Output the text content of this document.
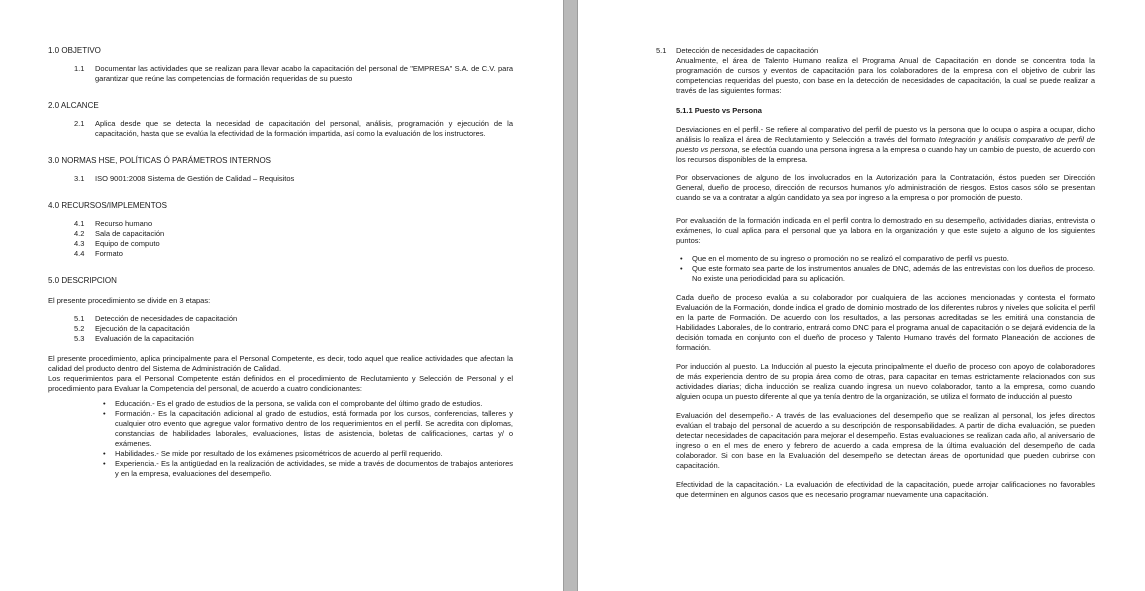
1.0 OBJETIVO

1.1	Documentar las actividades que se realizan para llevar acabo la capacitación del personal de "EMPRESA" S.A. de C.V. para garantizar que reúne las competencias de formación requeridas de su puesto

2.0 ALCANCE

2.1	Aplica desde que se detecta la necesidad de capacitación del personal, análisis, programación y ejecución de la capacitación, hasta que se evalúa la efectividad de la formación impartida, así como la evaluación de los instructores.

3.0 NORMAS HSE, POLÍTICAS Ó PARÁMETROS INTERNOS

3.1	ISO 9001:2008 Sistema de Gestión de Calidad – Requisitos

4.0 RECURSOS/IMPLEMENTOS

4.1	Recurso humano
4.2	Sala de capacitación
4.3	Equipo de computo
4.4	Formato

5.0 DESCRIPCION

El presente procedimiento se divide en 3 etapas:

5.1	Detección de necesidades de capacitación
5.2	Ejecución de la capacitación
5.3	Evaluación de la capacitación

El presente procedimiento, aplica principalmente para el Personal Competente, es decir, todo aquel que realice actividades que afectan la calidad del producto dentro del Sistema de Administración de Calidad.

Los requerimientos para el Personal Competente están definidos en el procedimiento de Reclutamiento y Selección de Personal y el procedimiento para Evaluar la Competencia del personal, de acuerdo a cuatro condicionantes:

•	Educación.- Es el grado de estudios de la persona, se valida con el comprobante del último grado de estudios.
•	Formación.- Es la capacitación adicional al grado de estudios, está formada por los cursos, conferencias, talleres y cualquier otro evento que agregue valor formativo dentro de los requerimientos en el perfil. Se acredita con diplomas, constancias de habilidades laborales, evaluaciones, listas de asistencia, boletas de calificaciones, cartas y/ o exámenes.
•	Habilidades.- Se mide por resultado de los exámenes psicométricos de acuerdo al perfil requerido.
•	Experiencia.- Es la antigüedad en la realización de actividades, se mide a través de documentos de trabajos anteriores y en la empresa, evaluaciones del desempeño.
5.1	Detección de necesidades de capacitación

Anualmente, el área de Talento Humano realiza el Programa Anual de Capacitación en donde se concentra toda la programación de cursos y eventos de capacitación para los colaboradores de la empresa con el objetivo de cubrir las competencias requeridas del puesto, con base en la detección de necesidades de capacitación, la cual se puede realizar a través de las siguientes formas:

5.1.1 Puesto vs Persona

Desviaciones en el perfil.- Se refiere al comparativo del perfil de puesto vs la persona que lo ocupa o aspira a ocupar, dicho análisis lo realiza el área de Reclutamiento y Selección a través del formato Integración y análisis comparativo de perfil de puesto vs persona, se efectúa cuando una persona ingresa a la empresa o cuando hay un cambio de puesto, de acuerdo con los recursos disponibles de la empresa.

Por observaciones de alguno de los involucrados en la Autorización para la Contratación, éstos pueden ser Dirección General, dueño de proceso, dirección de recursos humanos y/o administración de riesgos. Estos casos sólo se presentan cuando se va a contratar a algún candidato ya sea por ingreso a la empresa o por promoción de puesto.

Por evaluación de la formación indicada en el perfil contra lo demostrado en su desempeño, actividades diarias, entrevista o exámenes, lo cual aplica para el personal que ya labora en la organización y que este sujeto a alguno de los siguientes puntos:

•	Que en el momento de su ingreso o promoción no se realizó el comparativo de perfil vs puesto.
•	Que este formato sea parte de los instrumentos anuales de DNC, además de las entrevistas con los dueños de proceso. No existe una periodicidad para su aplicación.

Cada dueño de proceso evalúa a su colaborador por cualquiera de las acciones mencionadas y contesta el formato Evaluación de la Formación, donde indica el grado de dominio mostrado de los diferentes rubros y niveles que solicita el perfil en la parte de Formación. De acuerdo con los resultados, a las personas acreditadas se les emitirá una constancia de Habilidades Laborales, de lo contrario, entrará como DNC para el programa anual de capacitación o se dejará evidencia de la decisión tomada en conjunto con el dueño de proceso y Talento Humano través del formato Planeación de acciones de formación.

Por inducción al puesto. La Inducción al puesto la ejecuta principalmente el dueño de proceso con apoyo de colaboradores de más experiencia dentro de su propia área como de otras, para capacitar en temas estrictamente relacionados con sus actividades diarias; dicha inducción se realiza cuando ingresa un nuevo colaborador, tanto a la empresa, como cuando alguien ocupa un puesto diferente al que ya tenía dentro de la organización, se utiliza el formato de inducción al puesto

Evaluación del desempeño.- A través de las evaluaciones del desempeño que se realizan al personal, los jefes directos evalúan el trabajo del personal de acuerdo a su descripción de responsabilidades. A partir de dicha evaluación, se pueden detectar necesidades de capacitación para mejorar el desempeño. Estas evaluaciones se realizan cada año, al aniversario de ingreso o en el mes de enero y febrero de acuerdo a cada empresa de la última evaluación del desempeño de cada colaborador. Si con base en la Evaluación del desempeño se detectan áreas de oportunidad que pueden cubrirse con capacitación.

Efectividad de la capacitación.- La evaluación de efectividad de la capacitación, puede arrojar calificaciones no favorables que determinen en algunos casos que es necesario programar nuevamente una capacitación.
